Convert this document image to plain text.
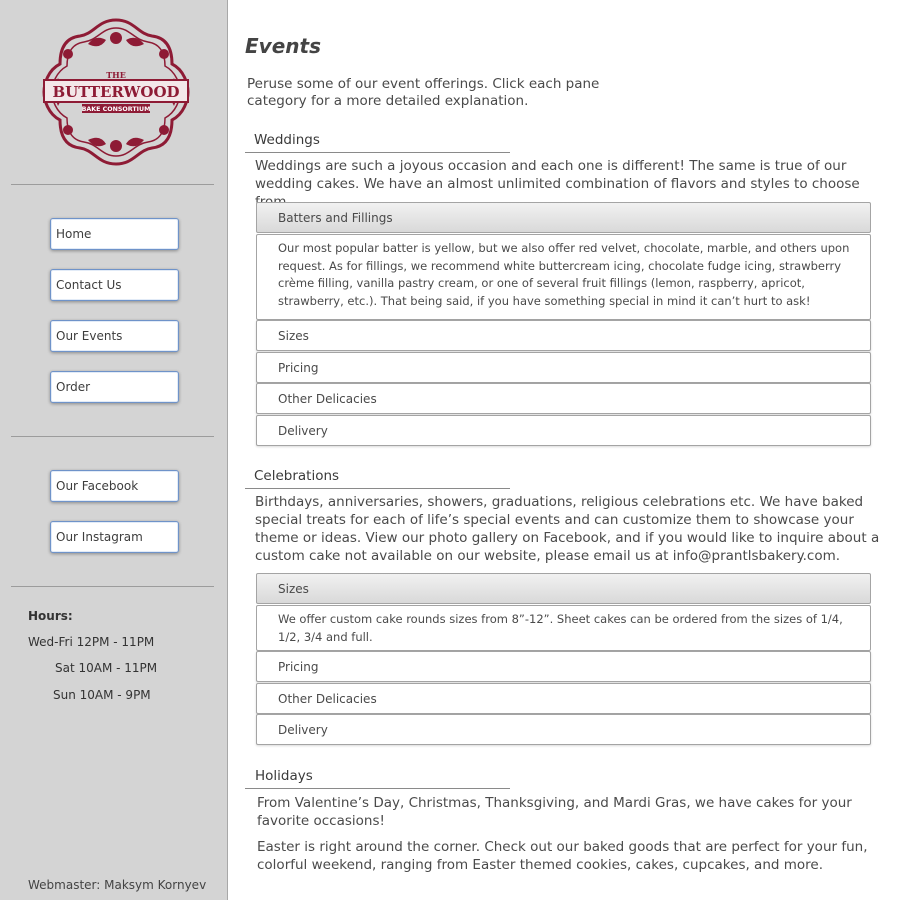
THE
BUTTERWOOD
BAKE CONSORTIUM
Home
Contact Us
Our Events
Order
Our Facebook
Our Instagram
Hours:
Wed-Fri 12PM - 11PM
Sat 10AM - 11PM
Sun 10AM - 9PM
Webmaster: Maksym Kornyev
Events
Peruse some of our event offerings. Click each pane category for a more detailed explanation.
Weddings
Weddings are such a joyous occasion and each one is different! The same is true of our wedding cakes. We have an almost unlimited combination of flavors and styles to choose
Batters and Fillings
Our most popular batter is yellow, but we also offer red velvet, chocolate, marble, and others upon request. As for fillings, we recommend white buttercream icing, chocolate fudge icing, strawberry crème filling, vanilla pastry cream, or one of several fruit fillings (lemon, raspberry, apricot, strawberry, etc.). That being said, if you have something special in mind it can’t hurt to ask!
Sizes
Pricing
Other Delicacies
Delivery
Celebrations
Birthdays, anniversaries, showers, graduations, religious celebrations etc. We have baked special treats for each of life’s special events and can customize them to showcase your theme or ideas. View our photo gallery on Facebook, and if you would like to inquire about a custom cake not available on our website, please email us at info@prantlsbakery.com.
Sizes
We offer custom cake rounds sizes from 8”-12”. Sheet cakes can be ordered from the sizes of 1/4, 1/2, 3/4 and full.
Pricing
Other Delicacies
Delivery
Holidays
From Valentine’s Day, Christmas, Thanksgiving, and Mardi Gras, we have cakes for your favorite occasions!
Easter is right around the corner. Check out our baked goods that are perfect for your fun, colorful weekend, ranging from Easter themed cookies, cakes, cupcakes, and more.
